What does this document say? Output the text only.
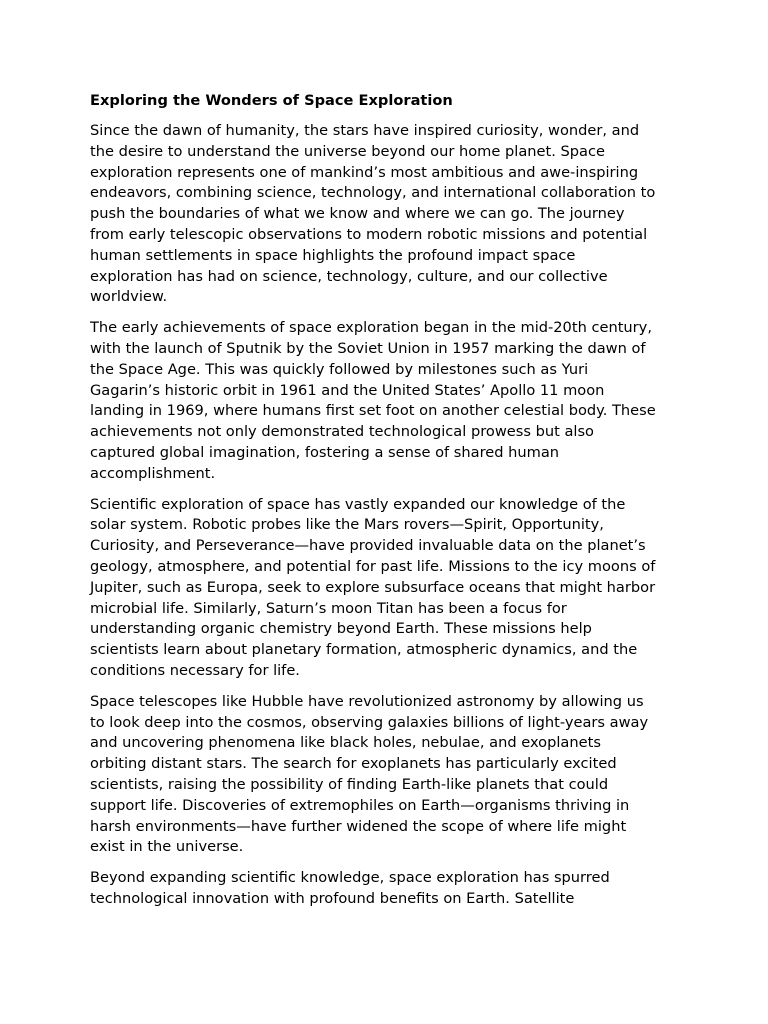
Exploring the Wonders of Space Exploration

Since the dawn of humanity, the stars have inspired curiosity, wonder, and
the desire to understand the universe beyond our home planet. Space
exploration represents one of mankind’s most ambitious and awe-inspiring
endeavors, combining science, technology, and international collaboration to
push the boundaries of what we know and where we can go. The journey
from early telescopic observations to modern robotic missions and potential
human settlements in space highlights the profound impact space
exploration has had on science, technology, culture, and our collective
worldview.

The early achievements of space exploration began in the mid-20th century,
with the launch of Sputnik by the Soviet Union in 1957 marking the dawn of
the Space Age. This was quickly followed by milestones such as Yuri
Gagarin’s historic orbit in 1961 and the United States’ Apollo 11 moon
landing in 1969, where humans first set foot on another celestial body. These
achievements not only demonstrated technological prowess but also
captured global imagination, fostering a sense of shared human
accomplishment.

Scientific exploration of space has vastly expanded our knowledge of the
solar system. Robotic probes like the Mars rovers—Spirit, Opportunity,
Curiosity, and Perseverance—have provided invaluable data on the planet’s
geology, atmosphere, and potential for past life. Missions to the icy moons of
Jupiter, such as Europa, seek to explore subsurface oceans that might harbor
microbial life. Similarly, Saturn’s moon Titan has been a focus for
understanding organic chemistry beyond Earth. These missions help
scientists learn about planetary formation, atmospheric dynamics, and the
conditions necessary for life.

Space telescopes like Hubble have revolutionized astronomy by allowing us
to look deep into the cosmos, observing galaxies billions of light-years away
and uncovering phenomena like black holes, nebulae, and exoplanets
orbiting distant stars. The search for exoplanets has particularly excited
scientists, raising the possibility of finding Earth-like planets that could
support life. Discoveries of extremophiles on Earth—organisms thriving in
harsh environments—have further widened the scope of where life might
exist in the universe.

Beyond expanding scientific knowledge, space exploration has spurred
technological innovation with profound benefits on Earth. Satellite
